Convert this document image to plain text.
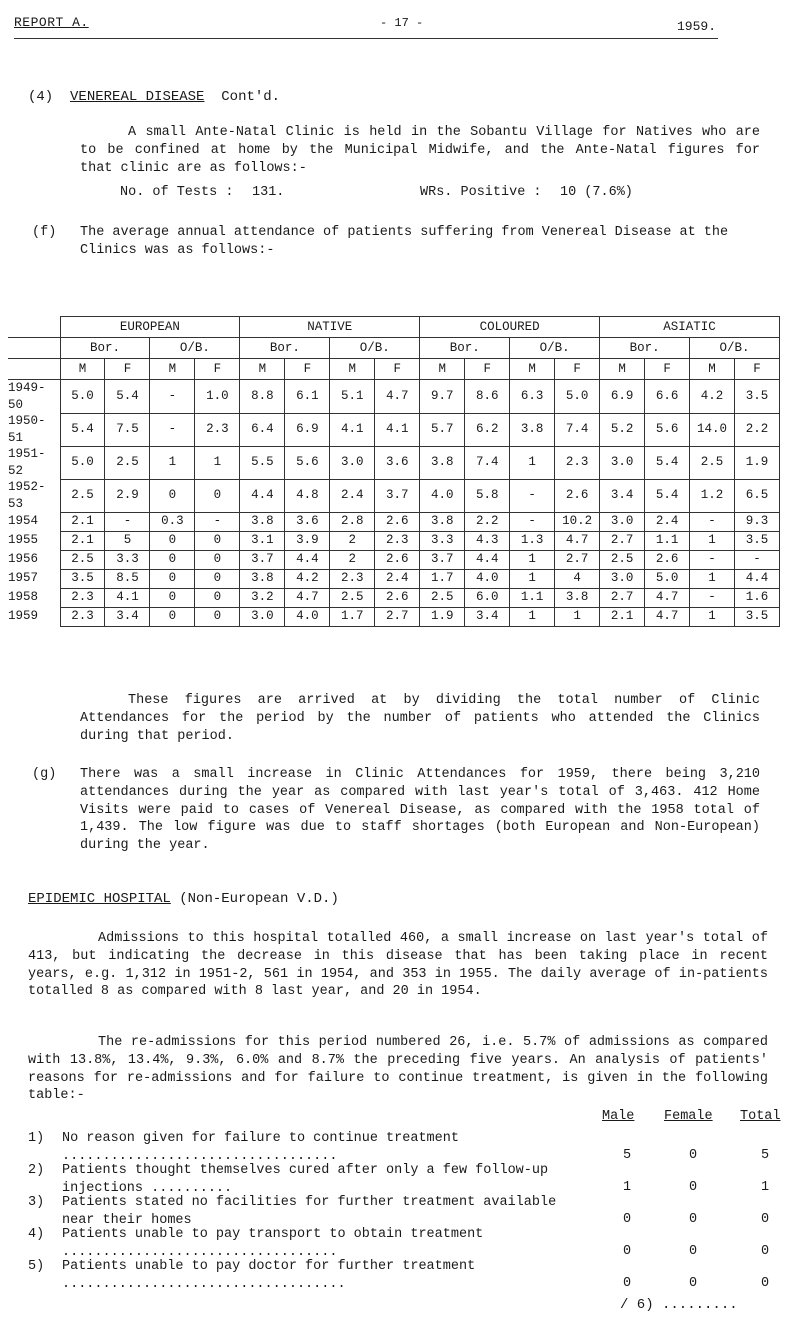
REPORT A.	- 17 -	1959.
(4) VENEREAL DISEASE Cont'd.

A small Ante-Natal Clinic is held in the Sobantu Village for Natives who are to be confined at home by the Municipal Midwife, and the Ante-Natal figures for that clinic are as follows:-

No. of Tests : 131.	WRs. Positive : 10 (7.6%)
(f) The average annual attendance of patients suffering from Venereal Disease at the Clinics was as follows:-
	EUROPEAN				NATIVE				COLOURED				ASIATIC			
	Bor.		O/B.		Bor.		O/B.		Bor.		O/B.		Bor.		O/B.	
	M	F	M	F	M	F	M	F	M	F	M	F	M	F	M	F
1949-50	5.0	5.4	-	1.0	8.8	6.1	5.1	4.7	9.7	8.6	6.3	5.0	6.9	6.6	4.2	3.5
1950-51	5.4	7.5	-	2.3	6.4	6.9	4.1	4.1	5.7	6.2	3.8	7.4	5.2	5.6	14.0	2.2
1951-52	5.0	2.5	1	1	5.5	5.6	3.0	3.6	3.8	7.4	1	2.3	3.0	5.4	2.5	1.9
1952-53	2.5	2.9	0	0	4.4	4.8	2.4	3.7	4.0	5.8	-	2.6	3.4	5.4	1.2	6.5
1954	2.1	-	0.3	-	3.8	3.6	2.8	2.6	3.8	2.2	-	10.2	3.0	2.4	-	9.3
1955	2.1	5	0	0	3.1	3.9	2	2.3	3.3	4.3	1.3	4.7	2.7	1.1	1	3.5
1956	2.5	3.3	0	0	3.7	4.4	2	2.6	3.7	4.4	1	2.7	2.5	2.6	-	-
1957	3.5	8.5	0	0	3.8	4.2	2.3	2.4	1.7	4.0	1	4	3.0	5.0	1	4.4
1958	2.3	4.1	0	0	3.2	4.7	2.5	2.6	2.5	6.0	1.1	3.8	2.7	4.7	-	1.6
1959	2.3	3.4	0	0	3.0	4.0	1.7	2.7	1.9	3.4	1	1	2.1	4.7	1	3.5

These figures are arrived at by dividing the total number of Clinic Attendances for the period by the number of patients who attended the Clinics during that period.

(g) There was a small increase in Clinic Attendances for 1959, there being 3,210 attendances during the year as compared with last year's total of 3,463. 412 Home Visits were paid to cases of Venereal Disease, as compared with the 1958 total of 1,439. The low figure was due to staff shortages (both European and Non-European) during the year.
EPIDEMIC HOSPITAL (Non-European V.D.)

Admissions to this hospital totalled 460, a small increase on last year's total of 413, but indicating the decrease in this disease that has been taking place in recent years, e.g. 1,312 in 1951-2, 561 in 1954, and 353 in 1955. The daily average of in-patients totalled 8 as compared with 8 last year, and 20 in 1954.

The re-admissions for this period numbered 26, i.e. 5.7% of admissions as compared with 13.8%, 13.4%, 9.3%, 6.0% and 8.7% the preceding five years. An analysis of patients' reasons for re-admissions and for failure to continue treatment, is given in the following table:-

Male Female Total
1) No reason given for failure to continue treatment ..................................	5	0	5
2) Patients thought themselves cured after only a few follow-up injections ..........	1	0	1
3) Patients stated no facilities for further treatment available near their homes	0	0	0
4) Patients unable to pay transport to obtain treatment ..................................	0	0	0
5) Patients unable to pay doctor for further treatment ...................................	0	0	0
/ 6) .........
